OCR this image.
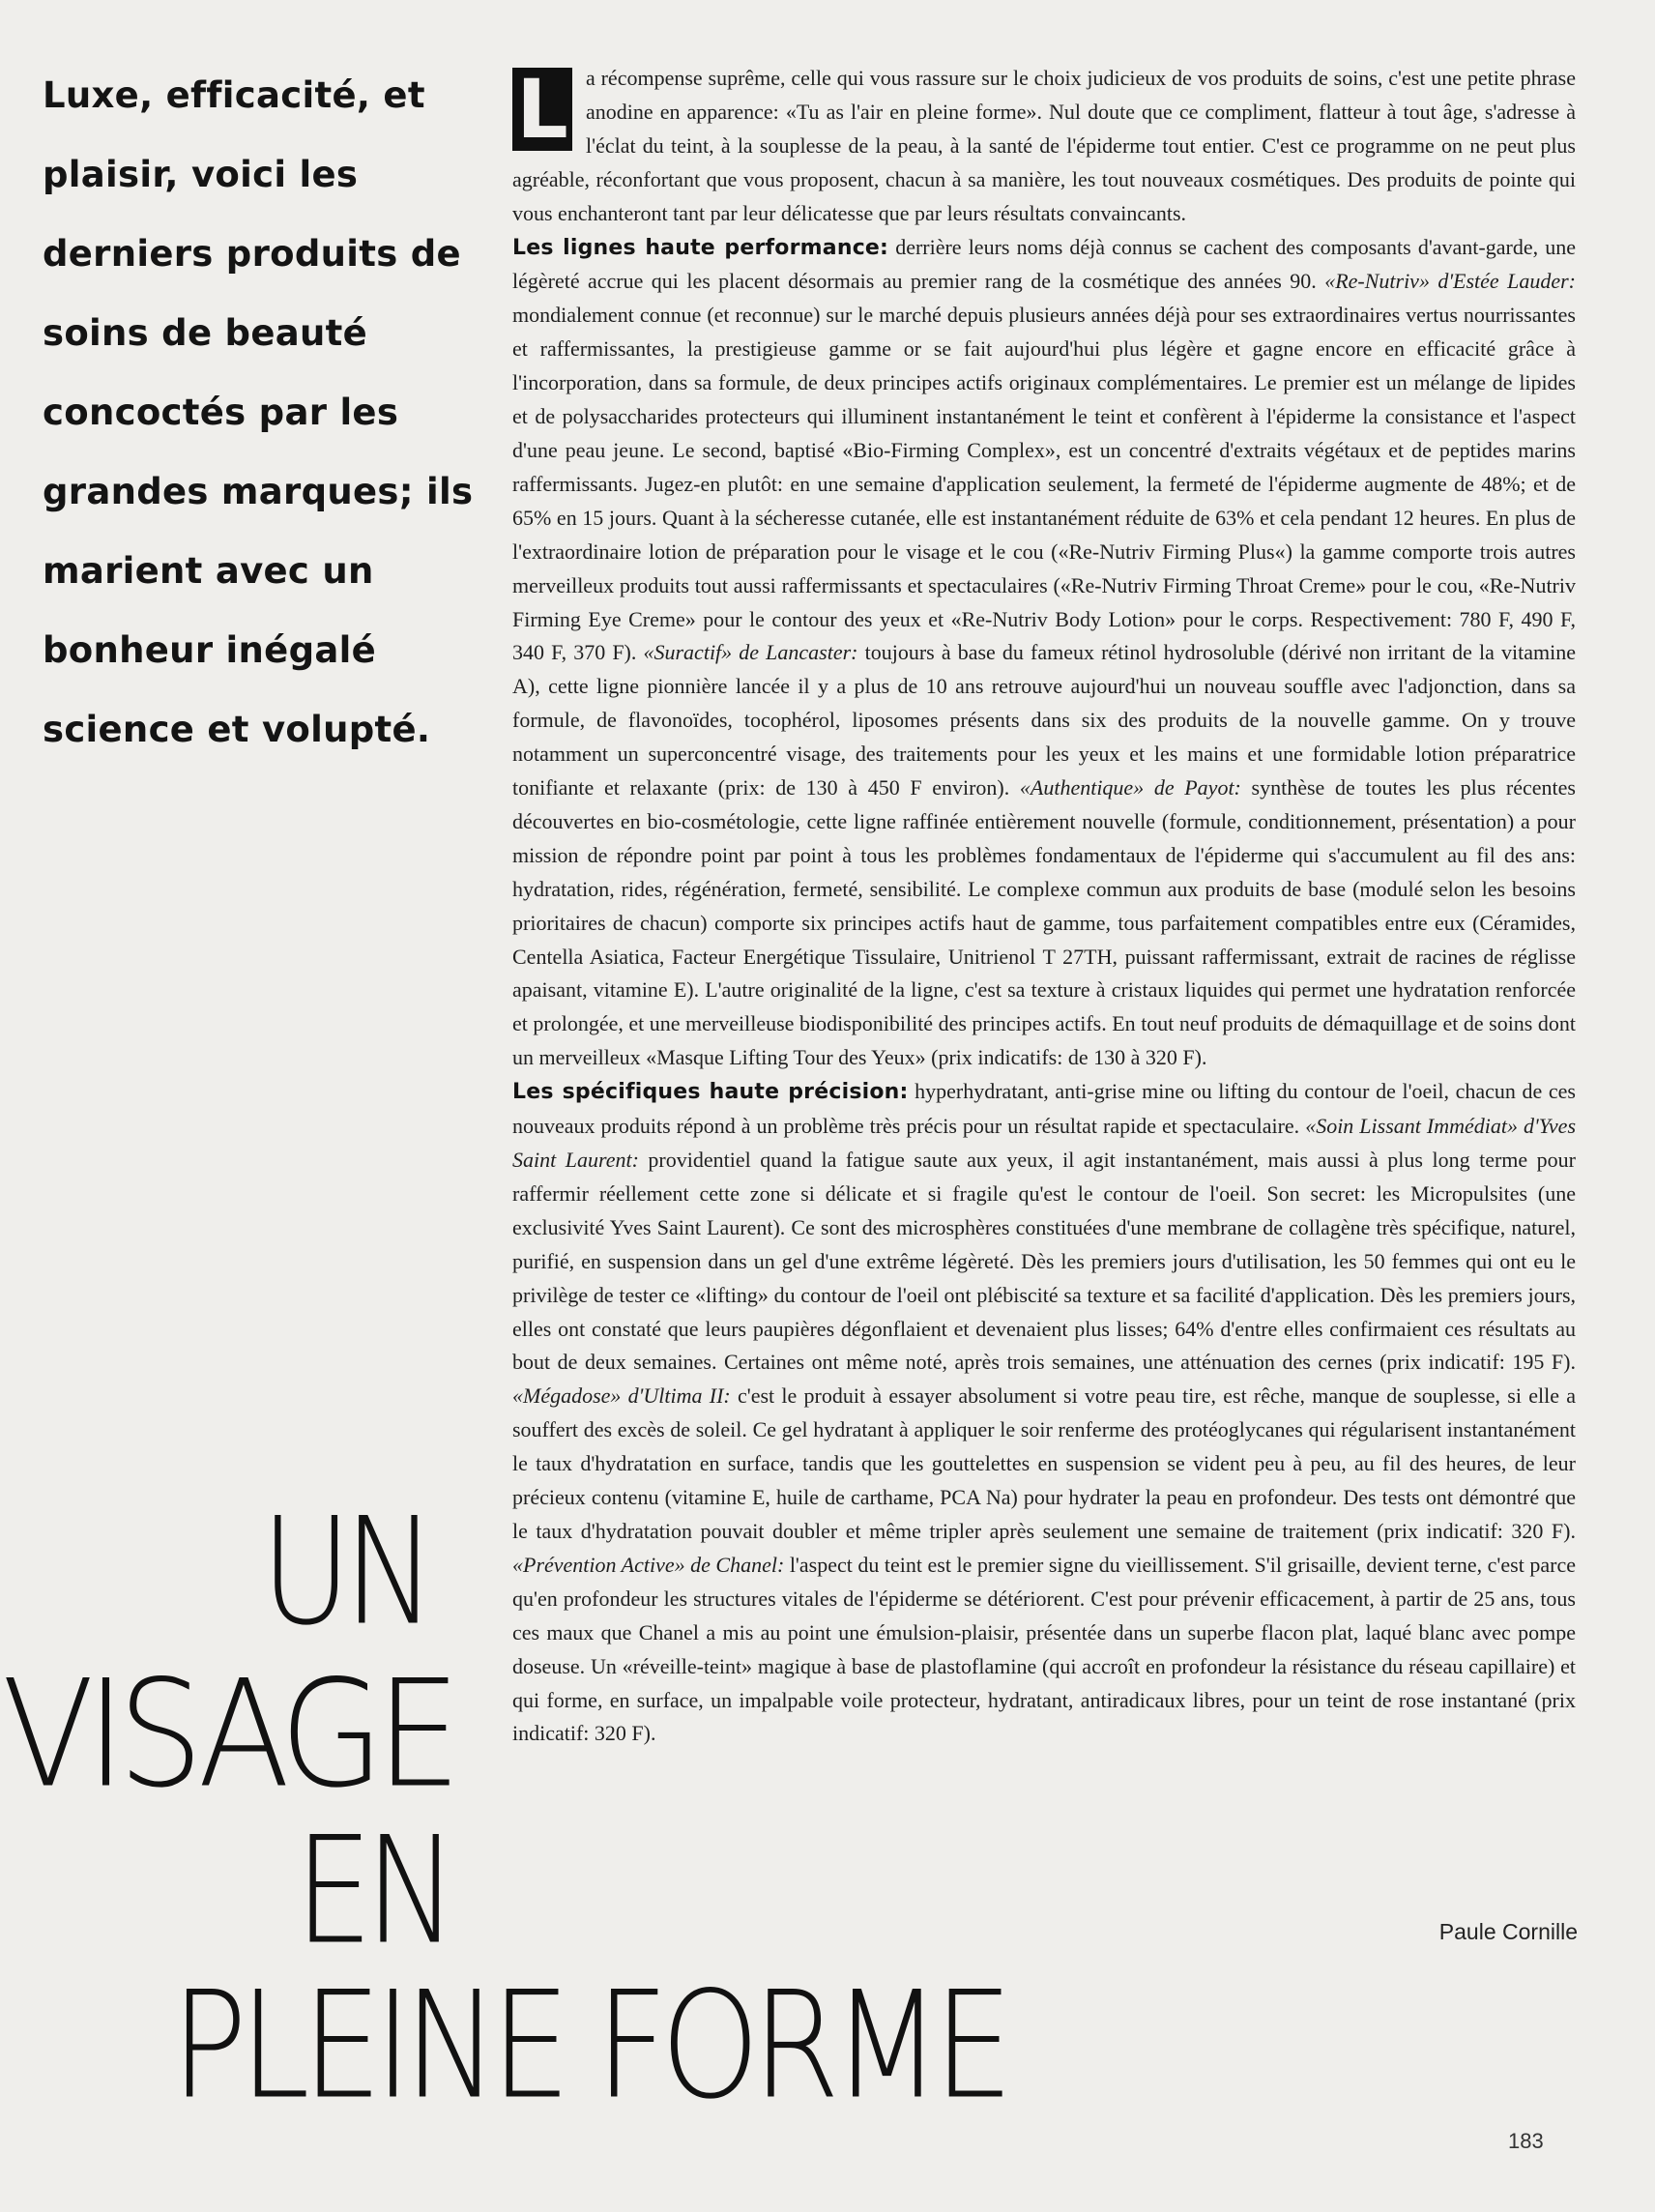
Luxe, efficacité, et plaisir, voici les derniers produits de soins de beauté concoctés par les grandes marques; ils marient avec un bonheur inégalé science et volupté.

UN
VISAGE
EN
PLEINE FORME

L a récompense suprême, celle qui vous rassure sur le choix judicieux de vos produits de soins, c'est une petite phrase anodine en apparence: «Tu as l'air en pleine forme». Nul doute que ce compliment, flatteur à tout âge, s'adresse à l'éclat du teint, à la souplesse de la peau, à la santé de l'épiderme tout entier. C'est ce programme on ne peut plus agréable, réconfortant que vous proposent, chacun à sa manière, les tout nouveaux cosmétiques. Des produits de pointe qui vous enchanteront tant par leur délicatesse que par leurs résultats convaincants.

Les lignes haute performance: derrière leurs noms déjà connus se cachent des composants d'avant-garde, une légèreté accrue qui les placent désormais au premier rang de la cosmétique des années 90. «Re-Nutriv» d'Estée Lauder: mondialement connue (et reconnue) sur le marché depuis plusieurs années déjà pour ses extraordinaires vertus nourrissantes et raffermissantes, la prestigieuse gamme or se fait aujourd'hui plus légère et gagne encore en efficacité grâce à l'incorporation, dans sa formule, de deux principes actifs originaux complémentaires. Le premier est un mélange de lipides et de polysaccharides protecteurs qui illuminent instantanément le teint et confèrent à l'épiderme la consistance et l'aspect d'une peau jeune. Le second, baptisé «Bio-Firming Complex», est un concentré d'extraits végétaux et de peptides marins raffermissants. Jugez-en plutôt: en une semaine d'application seulement, la fermeté de l'épiderme augmente de 48%; et de 65% en 15 jours. Quant à la sécheresse cutanée, elle est instantanément réduite de 63% et cela pendant 12 heures. En plus de l'extraordinaire lotion de préparation pour le visage et le cou («Re-Nutriv Firming Plus«) la gamme comporte trois autres merveilleux produits tout aussi raffermissants et spectaculaires («Re-Nutriv Firming Throat Creme» pour le cou, «Re-Nutriv Firming Eye Creme» pour le contour des yeux et «Re-Nutriv Body Lotion» pour le corps. Respectivement: 780 F, 490 F, 340 F, 370 F). «Suractif» de Lancaster: toujours à base du fameux rétinol hydrosoluble (dérivé non irritant de la vitamine A), cette ligne pionnière lancée il y a plus de 10 ans retrouve aujourd'hui un nouveau souffle avec l'adjonction, dans sa formule, de flavonoïdes, tocophérol, liposomes présents dans six des produits de la nouvelle gamme. On y trouve notamment un superconcentré visage, des traitements pour les yeux et les mains et une formidable lotion préparatrice tonifiante et relaxante (prix: de 130 à 450 F environ). «Authentique» de Payot: synthèse de toutes les plus récentes découvertes en bio-cosmétologie, cette ligne raffinée entièrement nouvelle (formule, conditionnement, présentation) a pour mission de répondre point par point à tous les problèmes fondamentaux de l'épiderme qui s'accumulent au fil des ans: hydratation, rides, régénération, fermeté, sensibilité. Le complexe commun aux produits de base (modulé selon les besoins prioritaires de chacun) comporte six principes actifs haut de gamme, tous parfaitement compatibles entre eux (Céramides, Centella Asiatica, Facteur Energétique Tissulaire, Unitrienol T 27TH, puissant raffermissant, extrait de racines de réglisse apaisant, vitamine E). L'autre originalité de la ligne, c'est sa texture à cristaux liquides qui permet une hydratation renforcée et prolongée, et une merveilleuse biodisponibilité des principes actifs. En tout neuf produits de démaquillage et de soins dont un merveilleux «Masque Lifting Tour des Yeux» (prix indicatifs: de 130 à 320 F).

Les spécifiques haute précision: hyperhydratant, anti-grise mine ou lifting du contour de l'oeil, chacun de ces nouveaux produits répond à un problème très précis pour un résultat rapide et spectaculaire. «Soin Lissant Immédiat» d'Yves Saint Laurent: providentiel quand la fatigue saute aux yeux, il agit instantanément, mais aussi à plus long terme pour raffermir réellement cette zone si délicate et si fragile qu'est le contour de l'oeil. Son secret: les Micropulsites (une exclusivité Yves Saint Laurent). Ce sont des microsphères constituées d'une membrane de collagène très spécifique, naturel, purifié, en suspension dans un gel d'une extrême légèreté. Dès les premiers jours d'utilisation, les 50 femmes qui ont eu le privilège de tester ce «lifting» du contour de l'oeil ont plébiscité sa texture et sa facilité d'application. Dès les premiers jours, elles ont constaté que leurs paupières dégonflaient et devenaient plus lisses; 64% d'entre elles confirmaient ces résultats au bout de deux semaines. Certaines ont même noté, après trois semaines, une atténuation des cernes (prix indicatif: 195 F). «Mégadose» d'Ultima II: c'est le produit à essayer absolument si votre peau tire, est rêche, manque de souplesse, si elle a souffert des excès de soleil. Ce gel hydratant à appliquer le soir renferme des protéoglycanes qui régularisent instantanément le taux d'hydratation en surface, tandis que les gouttelettes en suspension se vident peu à peu, au fil des heures, de leur précieux contenu (vitamine E, huile de carthame, PCA Na) pour hydrater la peau en profondeur. Des tests ont démontré que le taux d'hydratation pouvait doubler et même tripler après seulement une semaine de traitement (prix indicatif: 320 F). «Prévention Active» de Chanel: l'aspect du teint est le premier signe du vieillissement. S'il grisaille, devient terne, c'est parce qu'en profondeur les structures vitales de l'épiderme se détériorent. C'est pour prévenir efficacement, à partir de 25 ans, tous ces maux que Chanel a mis au point une émulsion-plaisir, présentée dans un superbe flacon plat, laqué blanc avec pompe doseuse. Un «réveille-teint» magique à base de plastoflamine (qui accroît en profondeur la résistance du réseau capillaire) et qui forme, en surface, un impalpable voile protecteur, hydratant, antiradicaux libres, pour un teint de rose instantané (prix indicatif: 320 F).

Paule Cornille
183
